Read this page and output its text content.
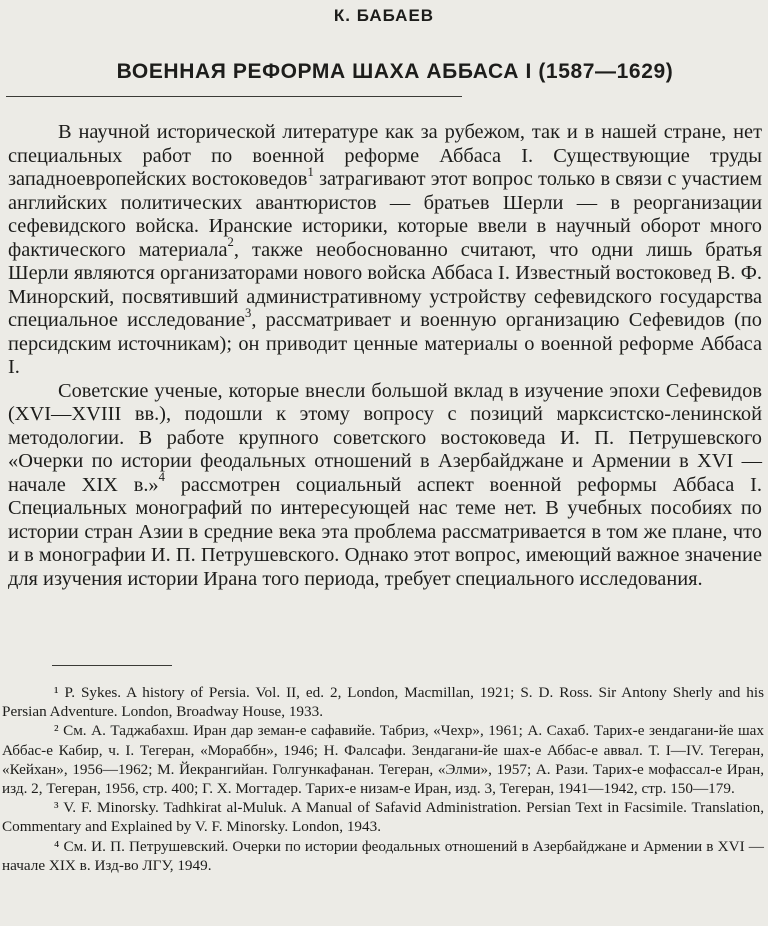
К. БАБАЕВ
ВОЕННАЯ РЕФОРМА ШАХА АББАСА I (1587—1629)

В научной исторической литературе как за рубежом, так и в нашей стране, нет специальных работ по военной реформе Аббаса I. Существующие труды западноевропейских востоковедов$^1$ затрагивают этот вопрос только в связи с участием английских политических авантюристов — братьев Шерли — в реорганизации сефевидского войска. Иранские историки, которые ввели в научный оборот много фактического материала$^2$, также необоснованно считают, что одни лишь братья Шерли являются организаторами нового войска Аббаса I. Известный востоковед В. Ф. Минорский, посвятивший административному устройству сефевидского государства специальное исследование$^3$, рассматривает и военную организацию Сефевидов (по персидским источникам); он приводит ценные материалы о военной реформе Аббаса I.

Советские ученые, которые внесли большой вклад в изучение эпохи Сефевидов (XVI—XVIII вв.), подошли к этому вопросу с позиций марксистско-ленинской методологии. В работе крупного советского востоковеда И. П. Петрушевского «Очерки по истории феодальных отношений в Азербайджане и Армении в XVI — начале XIX в.»$^4$ рассмотрен социальный аспект военной реформы Аббаса I. Специальных монографий по интересующей нас теме нет. В учебных пособиях по истории стран Азии в средние века эта проблема рассматривается в том же плане, что и в монографии И. П. Петрушевского. Однако этот вопрос, имеющий важное значение для изучения истории Ирана того периода, требует специального исследования.

¹ P. Sykes. A history of Persia. Vol. II, ed. 2, London, Macmillan, 1921; S. D. Ross. Sir Antony Sherly and his Persian Adventure. London, Broadway House, 1933.

² См. А. Таджабахш. Иран дар земан-е сафавийе. Табриз, «Чехр», 1961; А. Сахаб. Тарих-е зендагани-йе шах Аббас-е Кабир, ч. I. Тегеран, «Мораббн», 1946; Н. Фалсафи. Зендагани-йе шах-е Аббас-е аввал. Т. I—IV. Тегеран, «Кейхан», 1956—1962; М. Йекрангийан. Голгункафанан. Тегеран, «Элми», 1957; А. Рази. Тарих-е мофассал-е Иран, изд. 2, Тегеран, 1956, стр. 400; Г. Х. Могтадер. Тарих-е низам-е Иран, изд. 3, Тегеран, 1941—1942, стр. 150—179.

³ V. F. Minorsky. Tadhkirat al-Muluk. A Manual of Safavid Administration. Persian Text in Facsimile. Translation, Commentary and Explained by V. F. Minorsky. London, 1943.

⁴ См. И. П. Петрушевский. Очерки по истории феодальных отношений в Азербайджане и Армении в XVI — начале XIX в. Изд-во ЛГУ, 1949.
